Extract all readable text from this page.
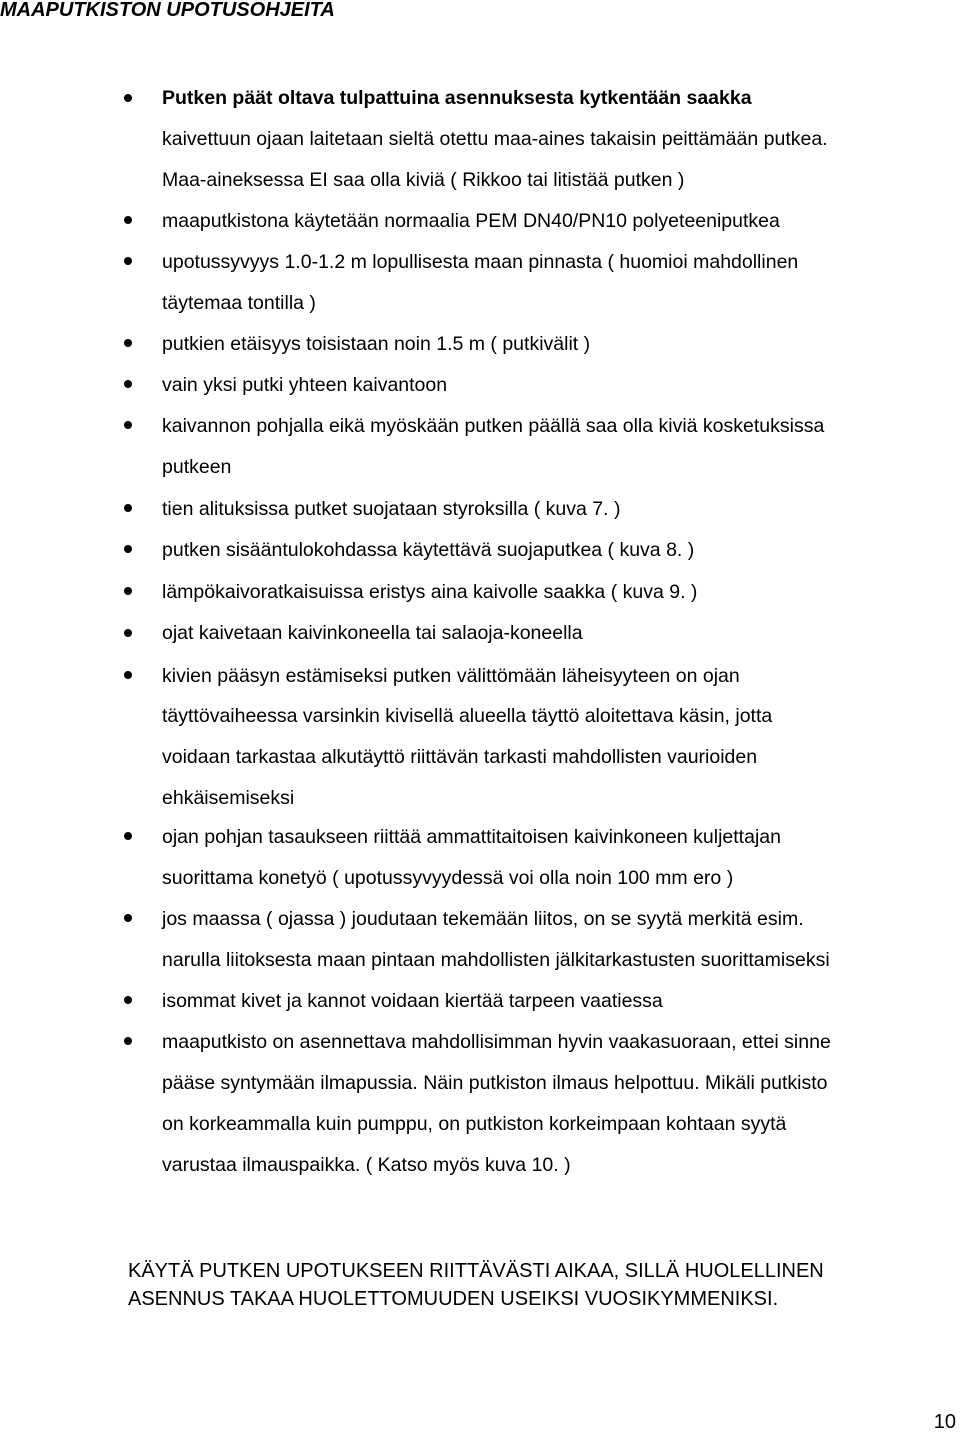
MAAPUTKISTON UPOTUSOHJEITA
Putken päät oltava tulpattuina asennuksesta kytkentään saakka
kaivettuun ojaan laitetaan sieltä otettu maa-aines takaisin peittämään putkea.
Maa-aineksessa EI saa olla kiviä ( Rikkoo tai litistää putken )
maaputkistona käytetään normaalia PEM DN40/PN10 polyeteeniputkea
upotussyvyys 1.0-1.2 m lopullisesta maan pinnasta ( huomioi mahdollinen
täytemaa tontilla )
putkien etäisyys toisistaan noin 1.5 m ( putkivälit )
vain yksi putki yhteen kaivantoon
kaivannon pohjalla eikä myöskään putken päällä saa olla kiviä kosketuksissa
putkeen
tien alituksissa putket suojataan styroksilla ( kuva 7. )
putken sisääntulokohdassa käytettävä suojaputkea ( kuva 8. )
lämpökaivoratkaisuissa eristys aina kaivolle saakka ( kuva 9. )
ojat kaivetaan kaivinkoneella tai salaoja-koneella
kivien pääsyn estämiseksi putken välittömään läheisyyteen on ojan
täyttövaiheessa varsinkin kivisellä alueella täyttö aloitettava käsin, jotta
voidaan tarkastaa alkutäyttö riittävän tarkasti mahdollisten vaurioiden
ehkäisemiseksi
ojan pohjan tasaukseen riittää ammattitaitoisen kaivinkoneen kuljettajan
suorittama konetyö ( upotussyvyydessä voi olla noin 100 mm ero )
jos maassa ( ojassa ) joudutaan tekemään liitos, on se syytä merkitä esim.
narulla liitoksesta maan pintaan mahdollisten jälkitarkastusten suorittamiseksi
isommat kivet ja kannot voidaan kiertää tarpeen vaatiessa
maaputkisto on asennettava mahdollisimman hyvin vaakasuoraan, ettei sinne
pääse syntymään ilmapussia. Näin putkiston ilmaus helpottuu. Mikäli putkisto
on korkeammalla kuin pumppu, on putkiston korkeimpaan kohtaan syytä
varustaa ilmauspaikka. ( Katso myös kuva 10. )
KÄYTÄ PUTKEN UPOTUKSEEN RIITTÄVÄSTI AIKAA, SILLÄ HUOLELLINEN
ASENNUS TAKAA HUOLETTOMUUDEN USEIKSI VUOSIKYMMENIKSI.
10
